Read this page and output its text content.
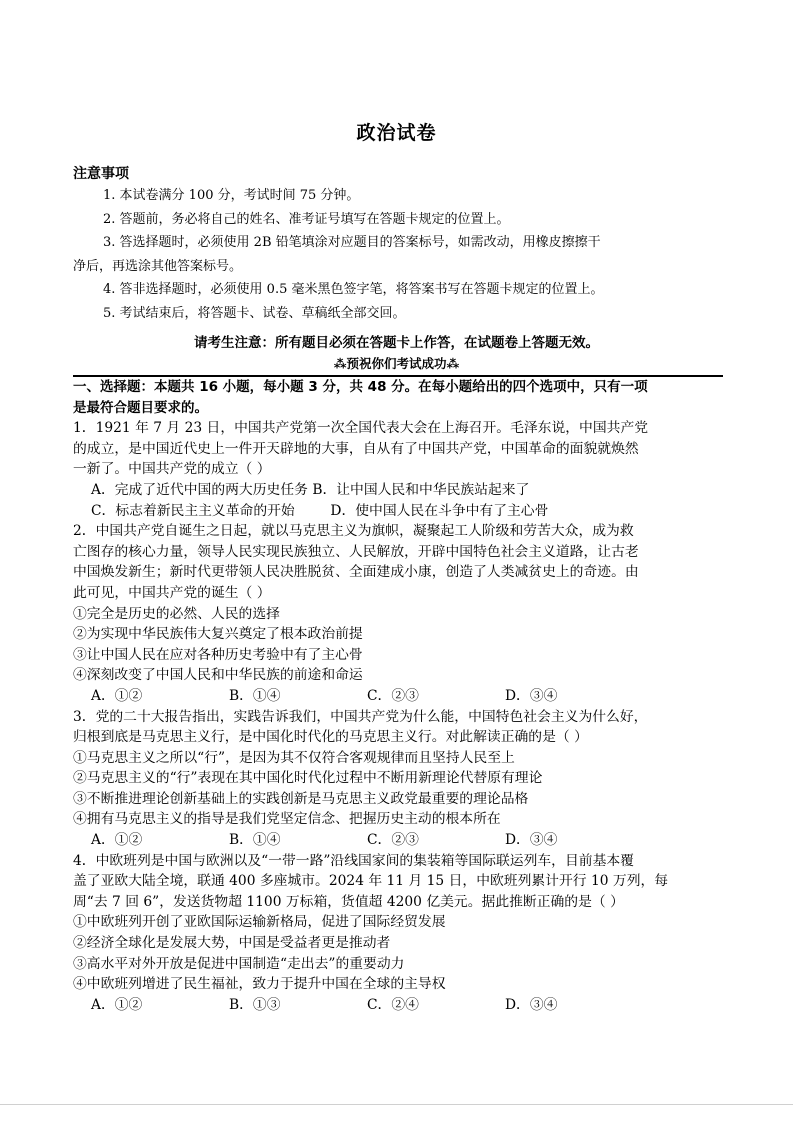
政治试卷
注意事项
1. 本试卷满分 100 分，考试时间 75 分钟。
2. 答题前，务必将自己的姓名、准考证号填写在答题卡规定的位置上。
3. 答选择题时，必须使用 2B 铅笔填涂对应题目的答案标号，如需改动，用橡皮擦擦干
净后，再选涂其他答案标号。
4. 答非选择题时，必须使用 0.5 毫米黑色签字笔，将答案书写在答题卡规定的位置上。
5. 考试结束后，将答题卡、试卷、草稿纸全部交回。
请考生注意：所有题目必须在答题卡上作答，在试题卷上答题无效。
⁂预祝你们考试成功⁂
一、选择题：本题共 16 小题，每小题 3 分，共 48 分。在每小题给出的四个选项中，只有一项
是最符合题目要求的。
1．1921 年 7 月 23 日，中国共产党第一次全国代表大会在上海召开。毛泽东说，中国共产党
的成立，是中国近代史上一件开天辟地的大事，自从有了中国共产党，中国革命的面貌就焕然
一新了。中国共产党的成立（ ）
A．完成了近代中国的两大历史任务 B．让中国人民和中华民族站起来了
C．标志着新民主主义革命的开始	D．使中国人民在斗争中有了主心骨
2．中国共产党自诞生之日起，就以马克思主义为旗帜，凝聚起工人阶级和劳苦大众，成为救
亡图存的核心力量，领导人民实现民族独立、人民解放，开辟中国特色社会主义道路，让古老
中国焕发新生；新时代更带领人民决胜脱贫、全面建成小康，创造了人类减贫史上的奇迹。由
此可见，中国共产党的诞生（ ）
①完全是历史的必然、人民的选择
②为实现中华民族伟大复兴奠定了根本政治前提
③让中国人民在应对各种历史考验中有了主心骨
④深刻改变了中国人民和中华民族的前途和命运
A．①②	B．①④	C．②③	D．③④
3．党的二十大报告指出，实践告诉我们，中国共产党为什么能，中国特色社会主义为什么好，
归根到底是马克思主义行，是中国化时代化的马克思主义行。对此解读正确的是（ ）
①马克思主义之所以“行”，是因为其不仅符合客观规律而且坚持人民至上
②马克思主义的“行”表现在其中国化时代化过程中不断用新理论代替原有理论
③不断推进理论创新基础上的实践创新是马克思主义政党最重要的理论品格
④拥有马克思主义的指导是我们党坚定信念、把握历史主动的根本所在
A．①②	B．①④	C．②③	D．③④
4．中欧班列是中国与欧洲以及“一带一路”沿线国家间的集装箱等国际联运列车，目前基本覆
盖了亚欧大陆全境，联通 400 多座城市。2024 年 11 月 15 日，中欧班列累计开行 10 万列，每
周“去 7 回 6”，发送货物超 1100 万标箱，货值超 4200 亿美元。据此推断正确的是（ ）
①中欧班列开创了亚欧国际运输新格局，促进了国际经贸发展
②经济全球化是发展大势，中国是受益者更是推动者
③高水平对外开放是促进中国制造“走出去”的重要动力
④中欧班列增进了民生福祉，致力于提升中国在全球的主导权
A．①②	B．①③	C．②④	D．③④
